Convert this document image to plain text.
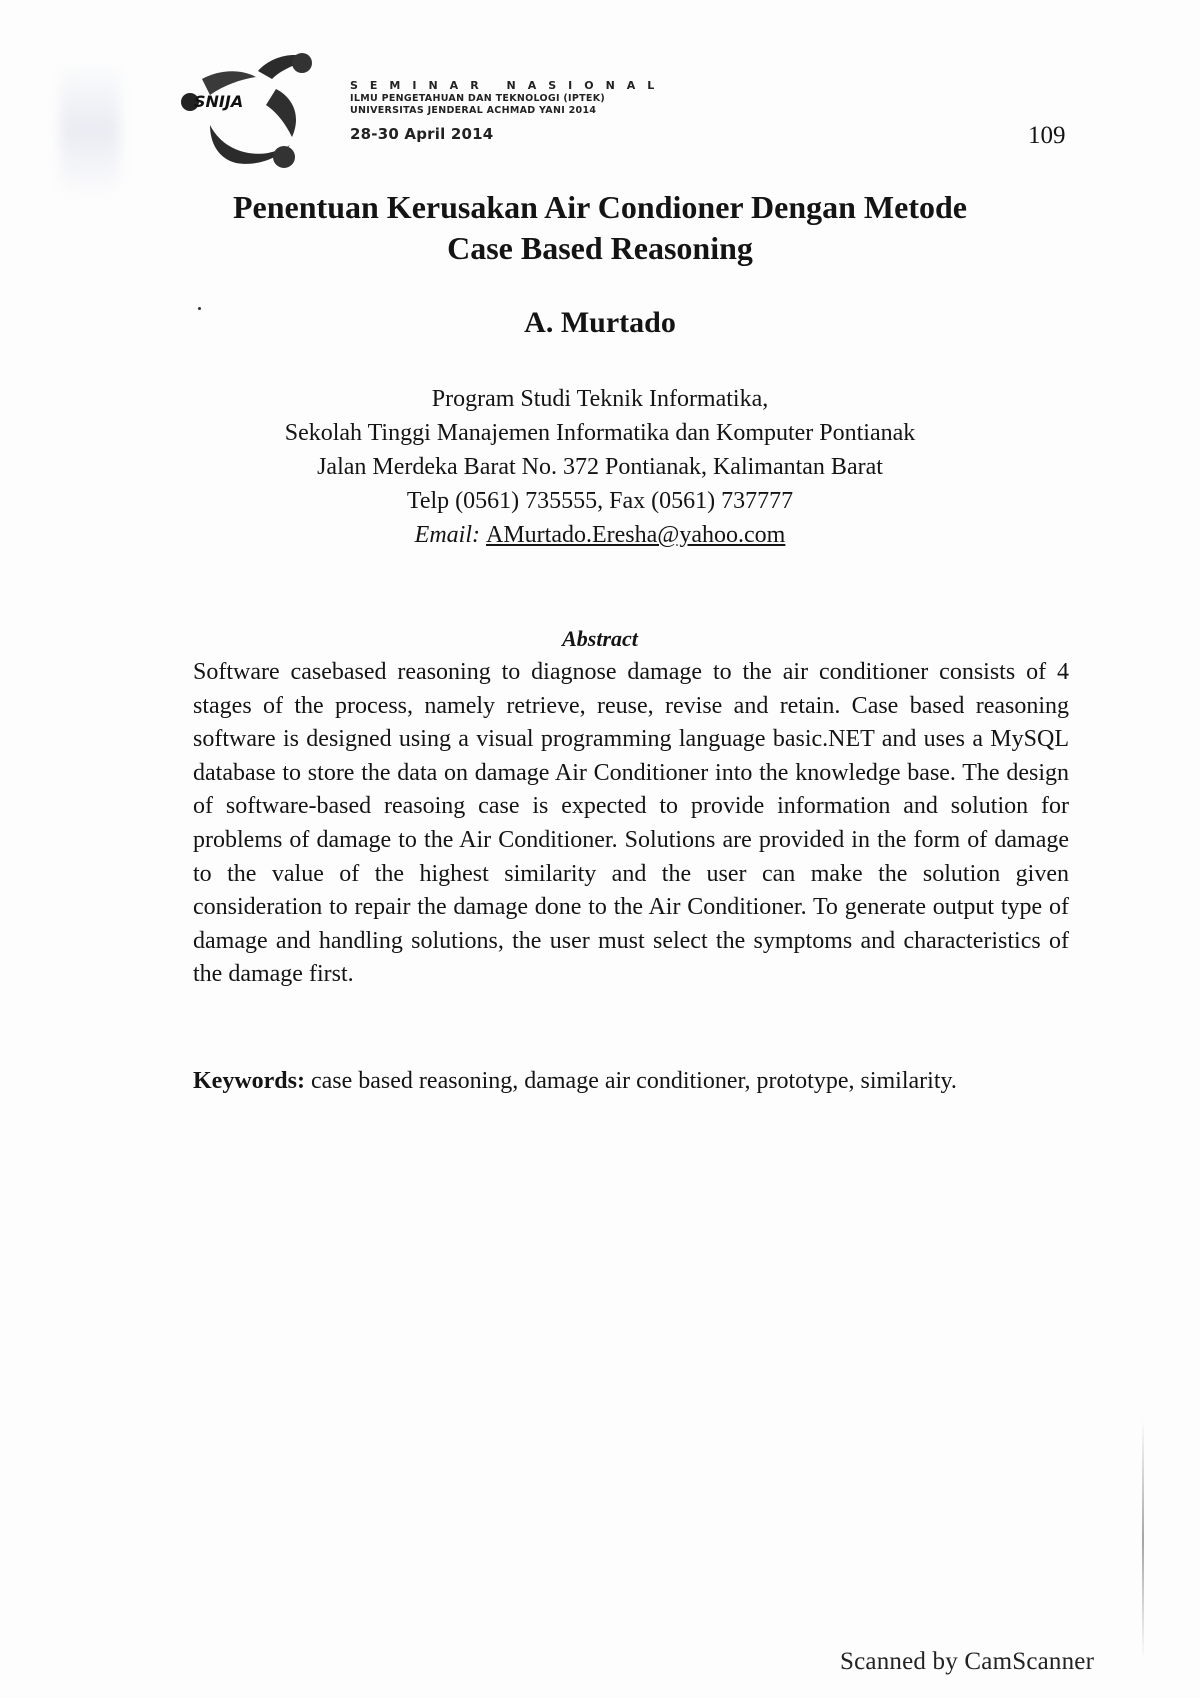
SNIJA
SEMINAR NASIONAL
ILMU PENGETAHUAN DAN TEKNOLOGI (IPTEK)
UNIVERSITAS JENDERAL ACHMAD YANI 2014
28-30 April 2014	109
Penentuan Kerusakan Air Condioner Dengan Metode
Case Based Reasoning
A. Murtado
Program Studi Teknik Informatika,
Sekolah Tinggi Manajemen Informatika dan Komputer Pontianak
Jalan Merdeka Barat No. 372 Pontianak, Kalimantan Barat
Telp (0561) 735555, Fax (0561) 737777
Email: AMurtado.Eresha@yahoo.com
Abstract
Software casebased reasoning to diagnose damage to the air conditioner consists of 4 stages of the process, namely retrieve, reuse, revise and retain. Case based reasoning software is designed using a visual programming language basic.NET and uses a MySQL database to store the data on damage Air Conditioner into the knowledge base. The design of software-based reasoing case is expected to provide information and solution for problems of damage to the Air Conditioner. Solutions are provided in the form of damage to the value of the highest similarity and the user can make the solution given consideration to repair the damage done to the Air Conditioner. To generate output type of damage and handling solutions, the user must select the symptoms and characteristics of the damage first.
Keywords: case based reasoning, damage air conditioner, prototype, similarity.
Scanned by CamScanner
